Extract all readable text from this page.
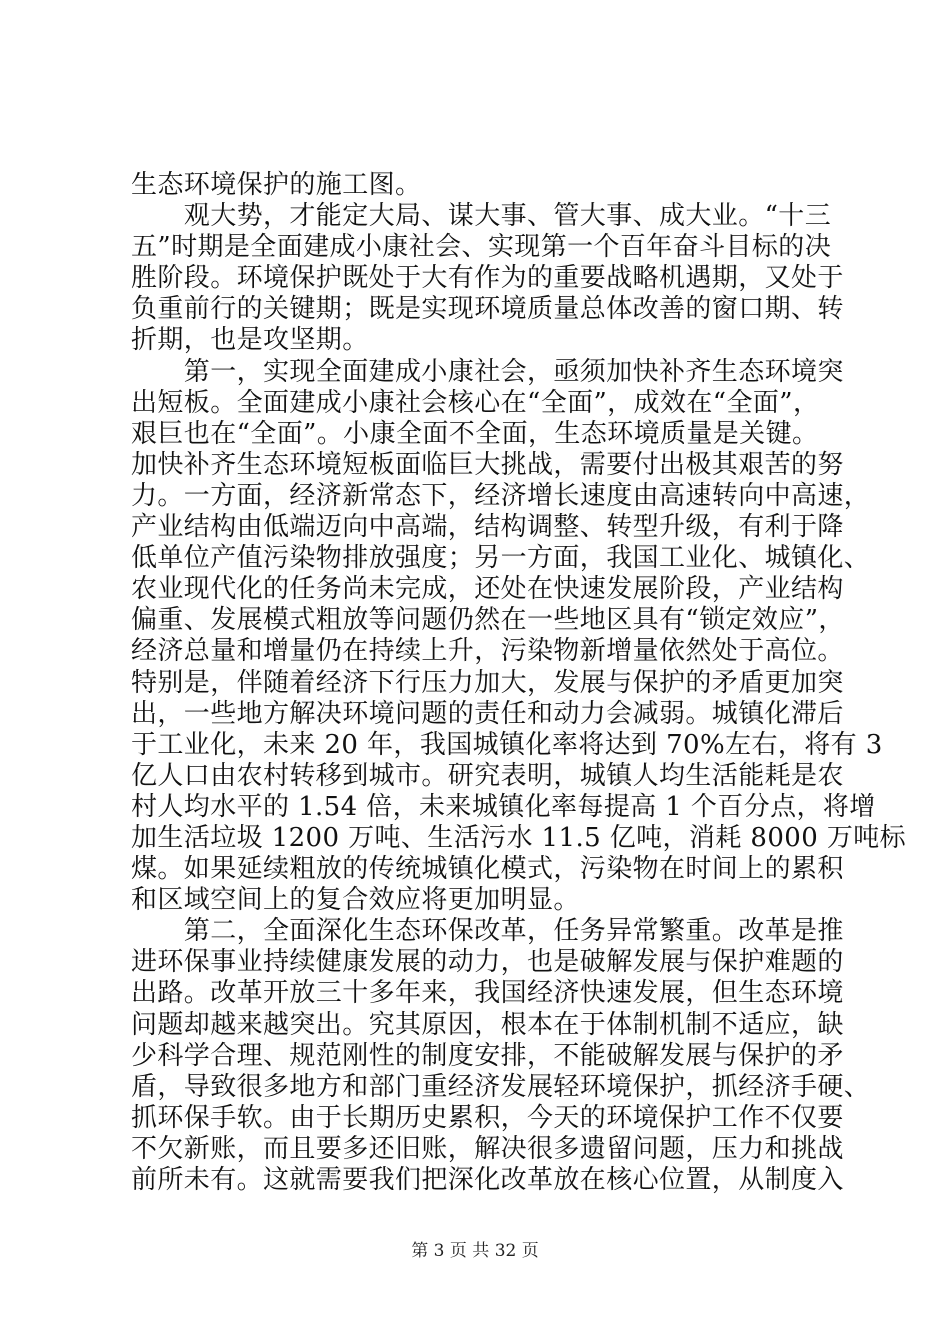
生态环境保护的施工图。
　　观大势，才能定大局、谋大事、管大事、成大业。“十三
五”时期是全面建成小康社会、实现第一个百年奋斗目标的决
胜阶段。环境保护既处于大有作为的重要战略机遇期，又处于
负重前行的关键期；既是实现环境质量总体改善的窗口期、转
折期，也是攻坚期。
　　第一，实现全面建成小康社会，亟须加快补齐生态环境突
出短板。全面建成小康社会核心在“全面”，成效在“全面”，
艰巨也在“全面”。小康全面不全面，生态环境质量是关键。
加快补齐生态环境短板面临巨大挑战，需要付出极其艰苦的努
力。一方面，经济新常态下，经济增长速度由高速转向中高速，
产业结构由低端迈向中高端，结构调整、转型升级，有利于降
低单位产值污染物排放强度；另一方面，我国工业化、城镇化、
农业现代化的任务尚未完成，还处在快速发展阶段，产业结构
偏重、发展模式粗放等问题仍然在一些地区具有“锁定效应”，
经济总量和增量仍在持续上升，污染物新增量依然处于高位。
特别是，伴随着经济下行压力加大，发展与保护的矛盾更加突
出，一些地方解决环境问题的责任和动力会减弱。城镇化滞后
于工业化，未来 20 年，我国城镇化率将达到 70%左右，将有 3
亿人口由农村转移到城市。研究表明，城镇人均生活能耗是农
村人均水平的 1.54 倍，未来城镇化率每提高 1 个百分点，将增
加生活垃圾 1200 万吨、生活污水 11.5 亿吨，消耗 8000 万吨标
煤。如果延续粗放的传统城镇化模式，污染物在时间上的累积
和区域空间上的复合效应将更加明显。
　　第二，全面深化生态环保改革，任务异常繁重。改革是推
进环保事业持续健康发展的动力，也是破解发展与保护难题的
出路。改革开放三十多年来，我国经济快速发展，但生态环境
问题却越来越突出。究其原因，根本在于体制机制不适应，缺
少科学合理、规范刚性的制度安排，不能破解发展与保护的矛
盾，导致很多地方和部门重经济发展轻环境保护，抓经济手硬、
抓环保手软。由于长期历史累积，今天的环境保护工作不仅要
不欠新账，而且要多还旧账，解决很多遗留问题，压力和挑战
前所未有。这就需要我们把深化改革放在核心位置，从制度入
第 3 页 共 32 页
